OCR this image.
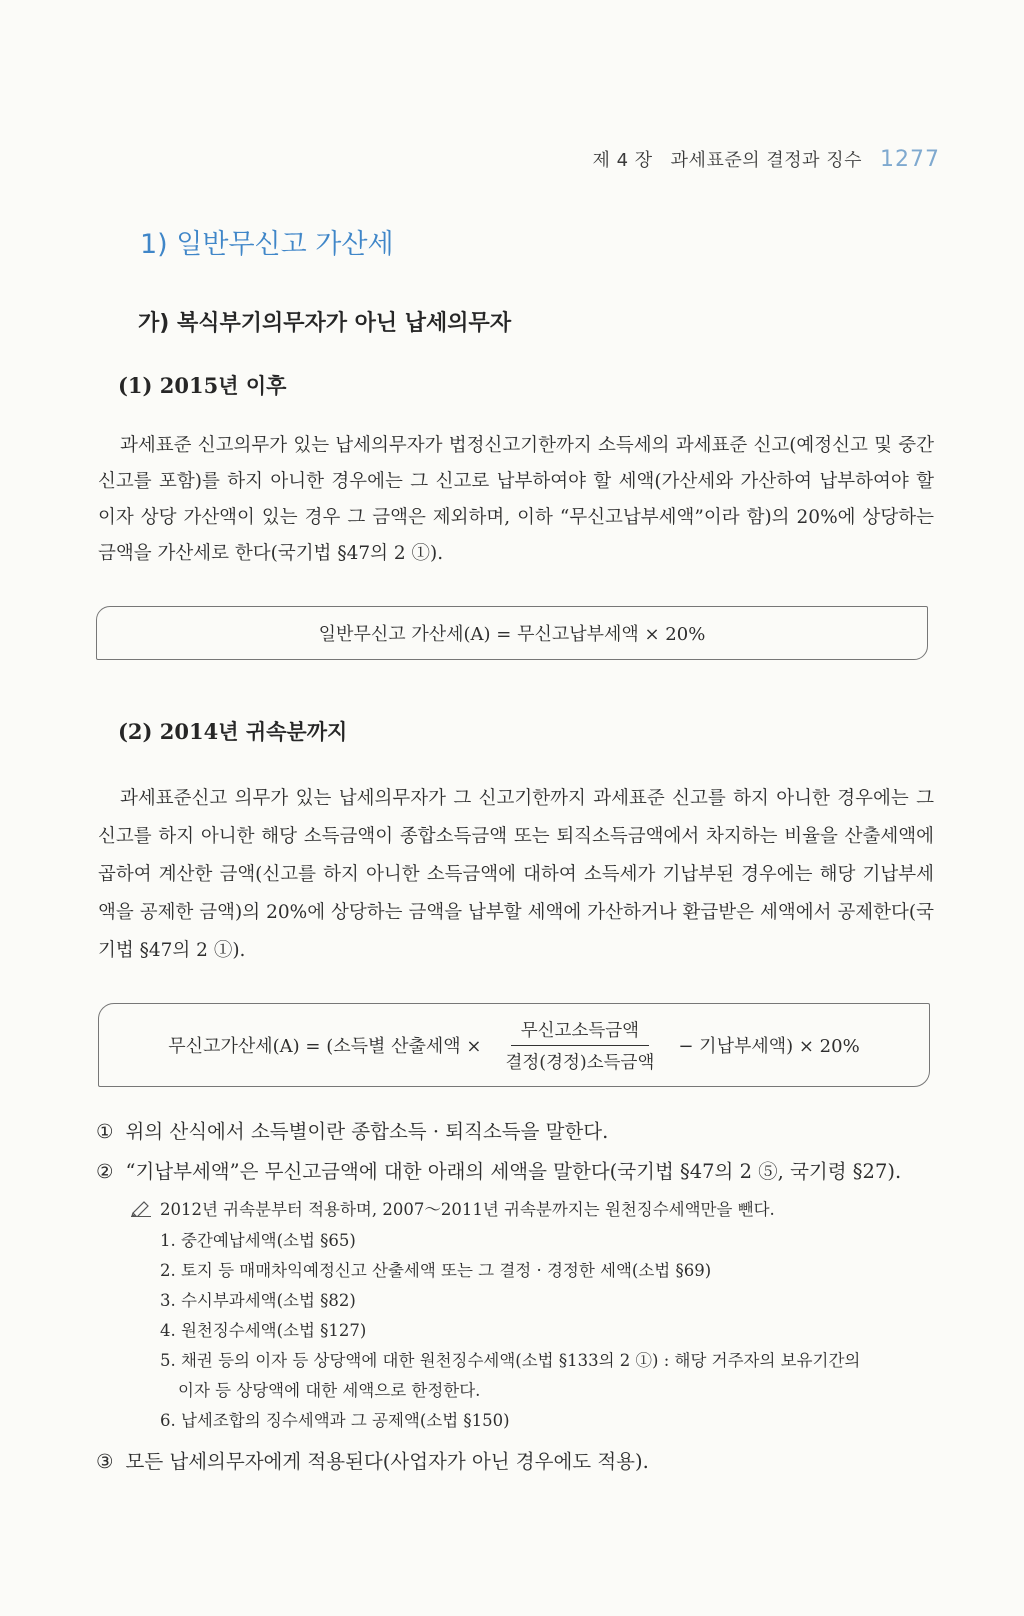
제 4 장 과세표준의 결정과 징수 1277
1) 일반무신고 가산세
가) 복식부기의무자가 아닌 납세의무자
(1) 2015년 이후

과세표준 신고의무가 있는 납세의무자가 법정신고기한까지 소득세의 과세표준 신고(예정신고 및 중간신고를 포함)를 하지 아니한 경우에는 그 신고로 납부하여야 할 세액(가산세와 가산하여 납부하여야 할 이자 상당 가산액이 있는 경우 그 금액은 제외하며, 이하 “무신고납부세액”이라 함)의 20%에 상당하는 금액을 가산세로 한다(국기법 §47의 2 ①).

일반무신고 가산세(A) = 무신고납부세액 × 20%
(2) 2014년 귀속분까지

과세표준신고 의무가 있는 납세의무자가 그 신고기한까지 과세표준 신고를 하지 아니한 경우에는 그 신고를 하지 아니한 해당 소득금액이 종합소득금액 또는 퇴직소득금액에서 차지하는 비율을 산출세액에 곱하여 계산한 금액(신고를 하지 아니한 소득금액에 대하여 소득세가 기납부된 경우에는 해당 기납부세액을 공제한 금액)의 20%에 상당하는 금액을 납부할 세액에 가산하거나 환급받은 세액에서 공제한다(국기법 §47의 2 ①).

무신고가산세(A) = (소득별 산출세액 × $\frac{\text{무신고소득금액}}{\text{결정(경정)소득금액}}$ − 기납부세액) × 20%
① 위의 산식에서 소득별이란 종합소득 · 퇴직소득을 말한다.
② “기납부세액”은 무신고금액에 대한 아래의 세액을 말한다(국기법 §47의 2 ⑤, 국기령 §27).
2012년 귀속분부터 적용하며, 2007～2011년 귀속분까지는 원천징수세액만을 뺀다.
1. 중간예납세액(소법 §65)
2. 토지 등 매매차익예정신고 산출세액 또는 그 결정 · 경정한 세액(소법 §69)
3. 수시부과세액(소법 §82)
4. 원천징수세액(소법 §127)
5. 채권 등의 이자 등 상당액에 대한 원천징수세액(소법 §133의 2 ①) : 해당 거주자의 보유기간의
이자 등 상당액에 대한 세액으로 한정한다.
6. 납세조합의 징수세액과 그 공제액(소법 §150)
③ 모든 납세의무자에게 적용된다(사업자가 아닌 경우에도 적용).
